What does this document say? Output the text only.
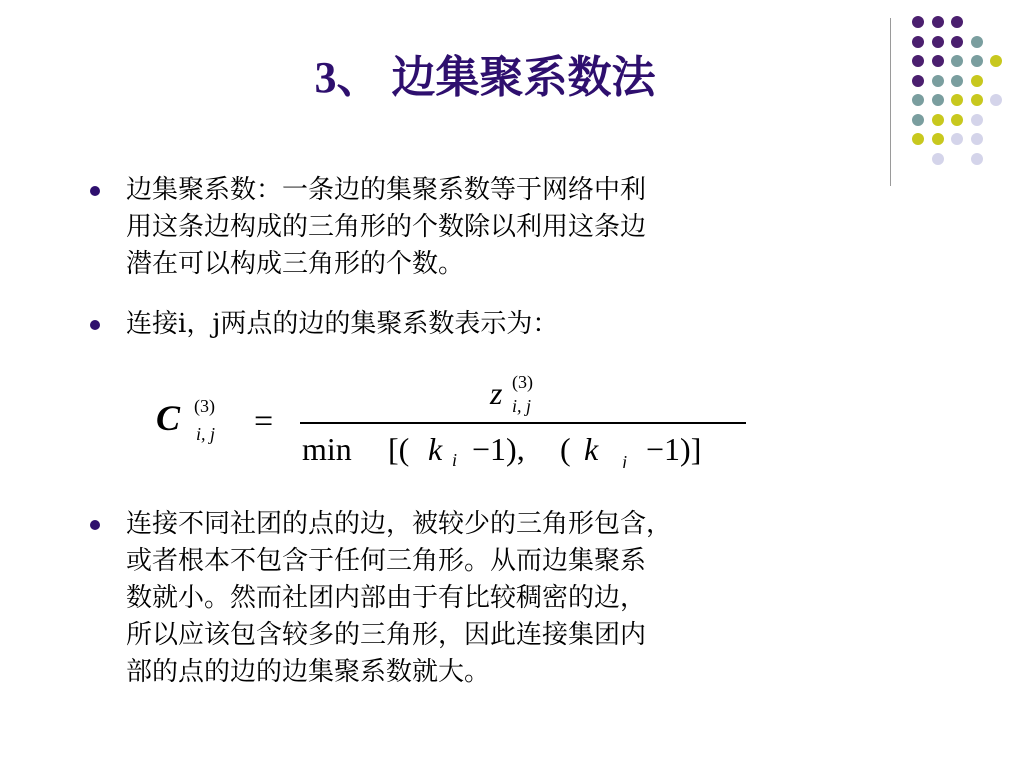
3、 边集聚系数法
边集聚系数：一条边的集聚系数等于网络中利
用这条边构成的三角形的个数除以利用这条边
潜在可以构成三角形的个数。
连接i，j两点的边的集聚系数表示为：
C (3)
i, j =
z (3)
i, j
min [( k i −1), ( k j −1)]
连接不同社团的点的边，被较少的三角形包含，
或者根本不包含于任何三角形。从而边集聚系
数就小。然而社团内部由于有比较稠密的边，
所以应该包含较多的三角形，因此连接集团内
部的点的边的边集聚系数就大。
